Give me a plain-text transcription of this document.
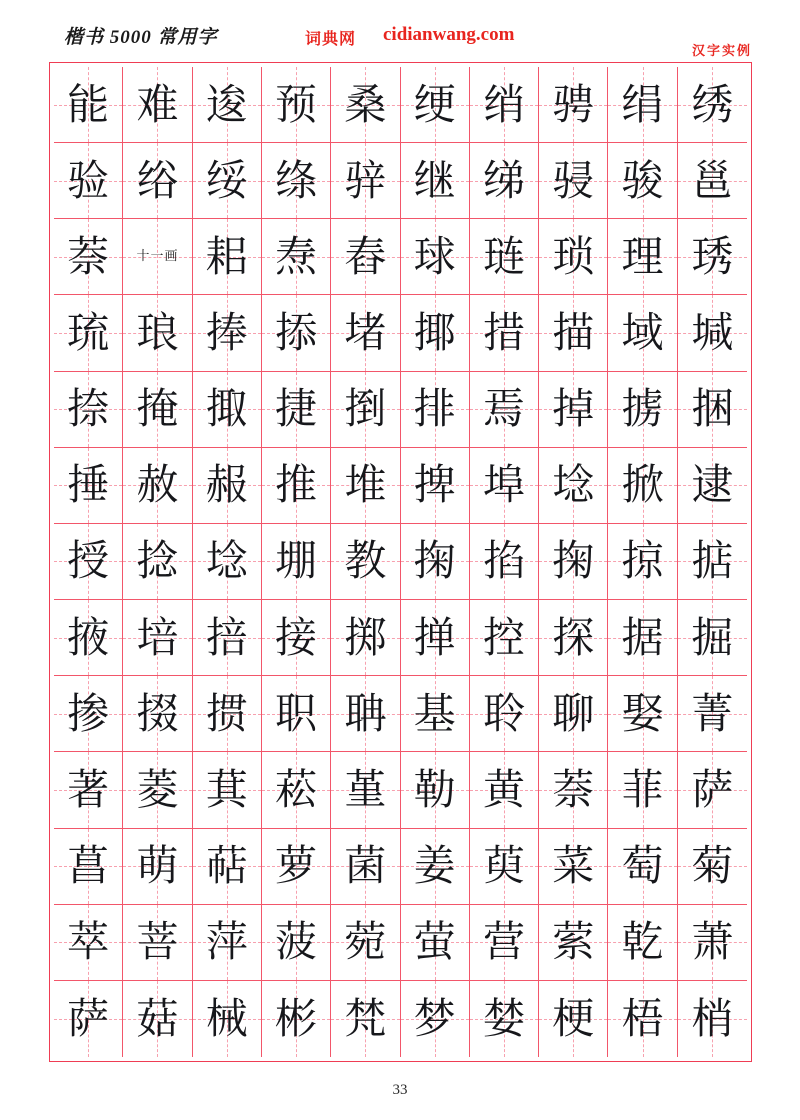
楷书 5000 常用字	词典网 cidianwang.com
汉字实例
能 难 逡 预 桑 绠 绡 骋 绢 绣
验 绤 绥 绦 骍 继 绨 骎 骏 邕
萘	十一画 耜 焘 舂 球 琏 琐 理 琇
琉 琅 捧 掭 堵 揶 措 描 域 堿
捺 掩 掫 捷 捯 排 焉 掉 掳 捆
捶 赦 赧 推 堆 捭 埠 埝 掀 逮
授 捻 埝 堋 教 掬 掐 掬 掠 掂
掖 培 掊 接 掷 掸 控 探 据 掘
掺 掇 掼 职 聃 基 聆 聊 娶 菁
著 菱 萁 菘 堇 勒 黄 萘 菲 萨
菖 萌 萜 萝 菌 姜 萸 菜 萄 菊
萃 菩 萍 菠 菀 萤 营 萦 乾 萧
萨 菇 械 彬 梵 梦 婪 梗 梧 梢
33
